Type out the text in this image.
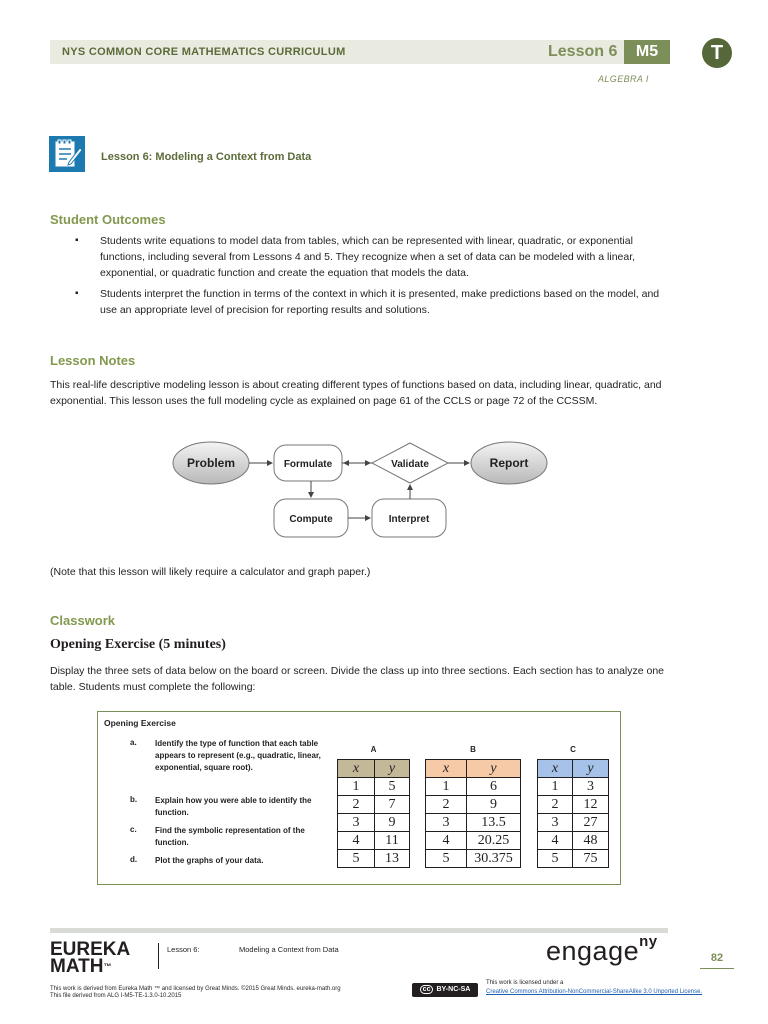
NYS COMMON CORE MATHEMATICS CURRICULUM	Lesson 6	M5
ALGEBRA I
T
Lesson 6: Modeling a Context from Data
Student Outcomes
▪ Students write equations to model data from tables, which can be represented with linear, quadratic, or exponential functions, including several from Lessons 4 and 5. They recognize when a set of data can be modeled with a linear, exponential, or quadratic function and create the equation that models the data.
▪ Students interpret the function in terms of the context in which it is presented, make predictions based on the model, and use an appropriate level of precision for reporting results and solutions.
Lesson Notes
This real-life descriptive modeling lesson is about creating different types of functions based on data, including linear, quadratic, and exponential. This lesson uses the full modeling cycle as explained on page 61 of the CCLS or page 72 of the CCSSM.
Problem	Formulate	Validate	Report
Compute	Interpret
(Note that this lesson will likely require a calculator and graph paper.)
Classwork
Opening Exercise (5 minutes)
Display the three sets of data below on the board or screen. Divide the class up into three sections. Each section has to analyze one table. Students must complete the following:
Opening Exercise
a. Identify the type of function that each table appears to represent (e.g., quadratic, linear, exponential, square root).
b. Explain how you were able to identify the function.
c. Find the symbolic representation of the function.
d. Plot the graphs of your data.
A
x	y
1	5
2	7
3	9
4	11
5	13
B
x	y
1	6
2	9
3	13.5
4	20.25
5	30.375
C
x	y
1	3
2	12
3	27
4	48
5	75
EUREKA
MATH™
Lesson 6:	Modeling a Context from Data	engage$^{ny}$
82
This work is derived from Eureka Math ™ and licensed by Great Minds. ©2015 Great Minds. eureka-math.org
This file derived from ALG I-M5-TE-1.3.0-10.2015
cc BY-NC-SA
This work is licensed under a
Creative Commons Attribution-NonCommercial-ShareAlike 3.0 Unported License.
